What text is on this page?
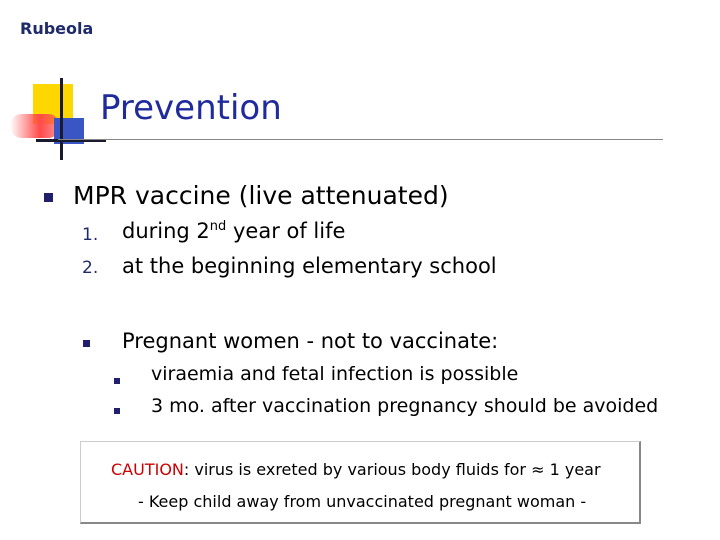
Rubeola
Prevention
MPR vaccine (live attenuated)
1. during 2nd year of life
2. at the beginning elementary school
Pregnant women - not to vaccinate:
viraemia and fetal infection is possible
3 mo. after vaccination pregnancy should be avoided
CAUTION: virus is exreted by various body fluids for ≈ 1 year
- Keep child away from unvaccinated pregnant woman -
